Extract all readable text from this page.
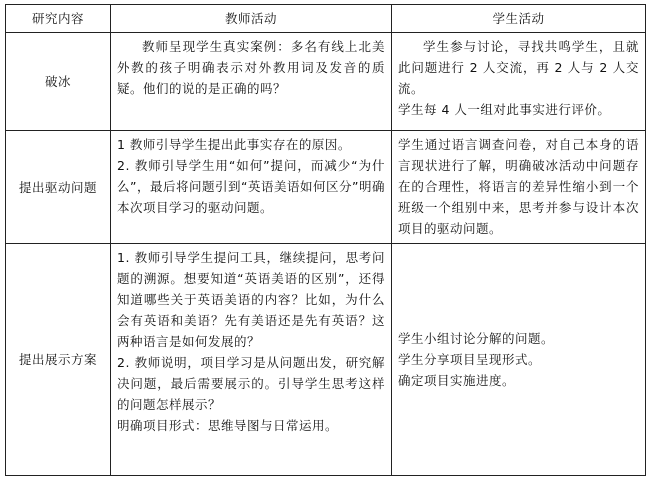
研究内容	教师活动	学生活动
破冰	教师呈现学生真实案例：多名有线上北美外教的孩子明确表示对外教用词及发音的质疑。他们的说的是正确的吗？	学生参与讨论，寻找共鸣学生，且就此问题进行 2 人交流，再 2 人与 2 人交流。
学生每 4 人一组对此事实进行评价。

提出驱动问题	1 教师引导学生提出此事实存在的原因。
2. 教师引导学生用“如何”提问，而减少“为什么”，最后将问题引到“英语美语如何区分”明确本次项目学习的驱动问题。	学生通过语言调查问卷，对自己本身的语言现状进行了解，明确破冰活动中问题存在的合理性，将语言的差异性缩小到一个班级一个组别中来，思考并参与设计本次项目的驱动问题。

提出展示方案	1. 教师引导学生提问工具，继续提问，思考问题的溯源。想要知道“英语美语的区别”，还得知道哪些关于英语美语的内容？比如，为什么会有英语和美语？先有美语还是先有英语？这两种语言是如何发展的？
2. 教师说明，项目学习是从问题出发，研究解决问题，最后需要展示的。引导学生思考这样的问题怎样展示？
明确项目形式：思维导图与日常运用。	学生小组讨论分解的问题。
学生分享项目呈现形式。
确定项目实施进度。
